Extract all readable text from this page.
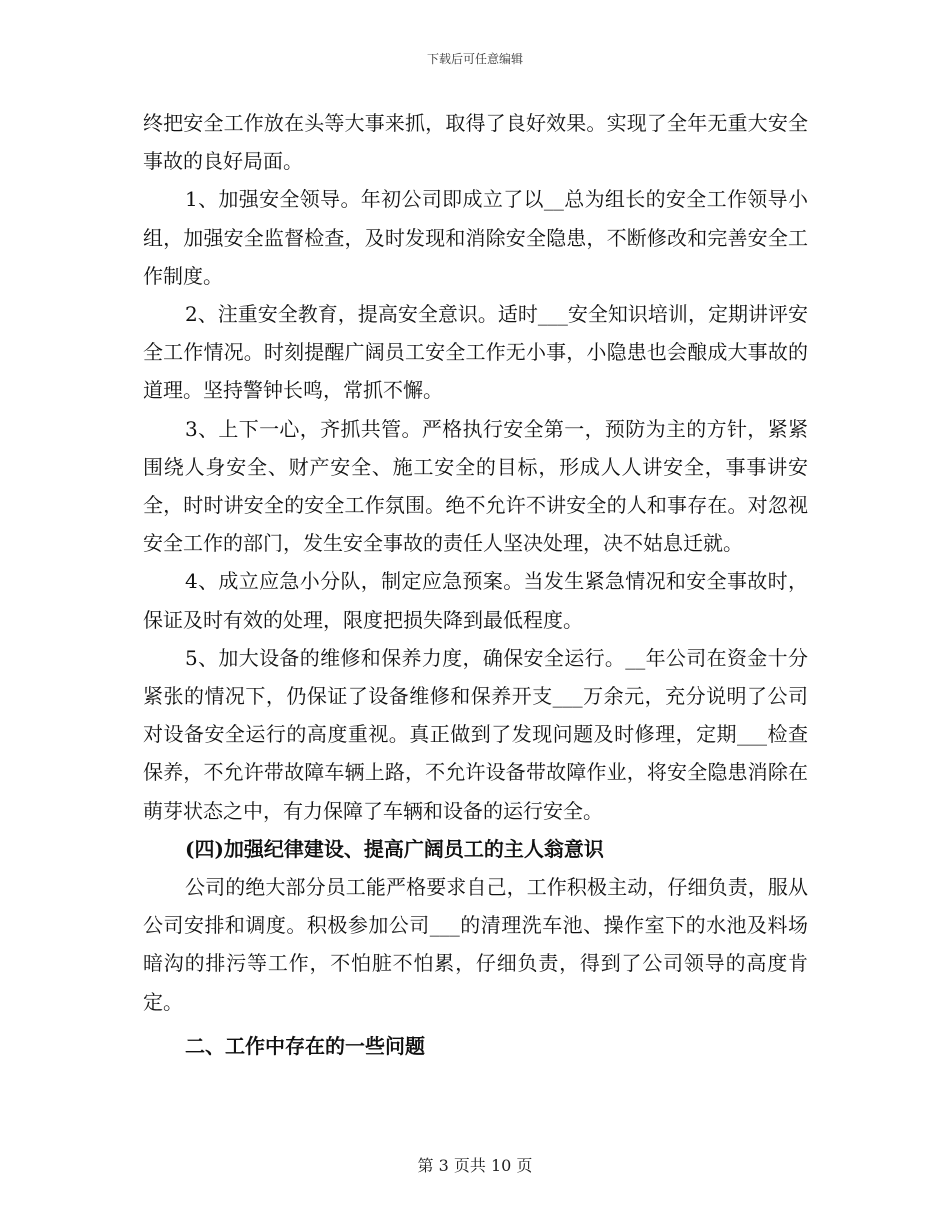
下载后可任意编辑

终把安全工作放在头等大事来抓，取得了良好效果。实现了全年无重大安全事故的良好局面。

1、加强安全领导。年初公司即成立了以__总为组长的安全工作领导小组，加强安全监督检查，及时发现和消除安全隐患，不断修改和完善安全工作制度。

2、注重安全教育，提高安全意识。适时___安全知识培训，定期讲评安全工作情况。时刻提醒广阔员工安全工作无小事，小隐患也会酿成大事故的道理。坚持警钟长鸣，常抓不懈。

3、上下一心，齐抓共管。严格执行安全第一，预防为主的方针，紧紧围绕人身安全、财产安全、施工安全的目标，形成人人讲安全，事事讲安全，时时讲安全的安全工作氛围。绝不允许不讲安全的人和事存在。对忽视安全工作的部门，发生安全事故的责任人坚决处理，决不姑息迁就。

4、成立应急小分队，制定应急预案。当发生紧急情况和安全事故时，保证及时有效的处理，限度把损失降到最低程度。

5、加大设备的维修和保养力度，确保安全运行。__年公司在资金十分紧张的情况下，仍保证了设备维修和保养开支___万余元，充分说明了公司对设备安全运行的高度重视。真正做到了发现问题及时修理，定期___检查保养，不允许带故障车辆上路，不允许设备带故障作业，将安全隐患消除在萌芽状态之中，有力保障了车辆和设备的运行安全。

(四)加强纪律建设、提高广阔员工的主人翁意识

公司的绝大部分员工能严格要求自己，工作积极主动，仔细负责，服从公司安排和调度。积极参加公司___的清理洗车池、操作室下的水池及料场暗沟的排污等工作，不怕脏不怕累，仔细负责，得到了公司领导的高度肯定。

二、工作中存在的一些问题

第 3 页共 10 页
